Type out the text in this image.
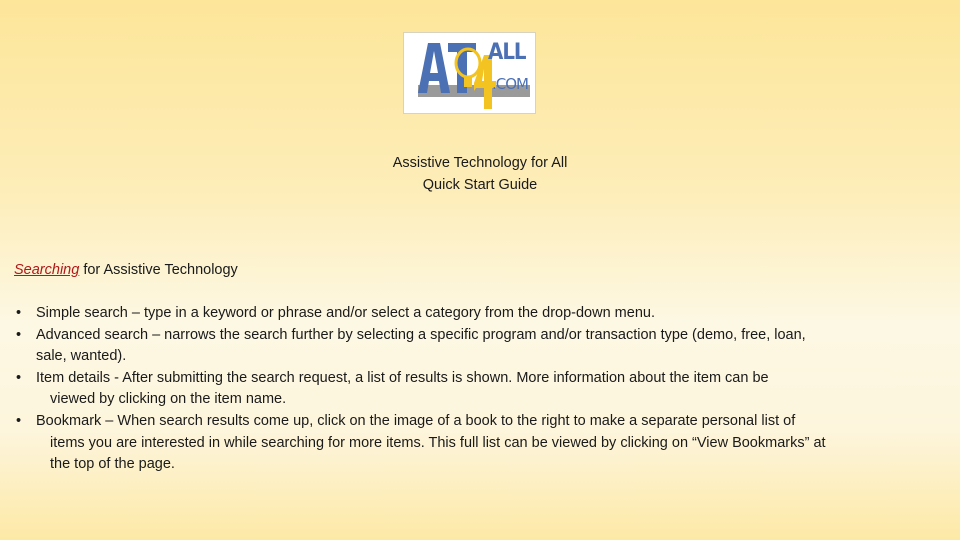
ALL
.COM
Assistive Technology for All
Quick Start Guide
Searching for Assistive Technology
• Simple search – type in a keyword or phrase and/or select a category from the drop-down menu.
• Advanced search – narrows the search further by selecting a specific program and/or transaction type (demo, free, loan,
sale, wanted).
• Item details - After submitting the search request, a list of results is shown. More information about the item can be
viewed by clicking on the item name.
• Bookmark – When search results come up, click on the image of a book to the right to make a separate personal list of
items you are interested in while searching for more items. This full list can be viewed by clicking on “View Bookmarks” at
the top of the page.
